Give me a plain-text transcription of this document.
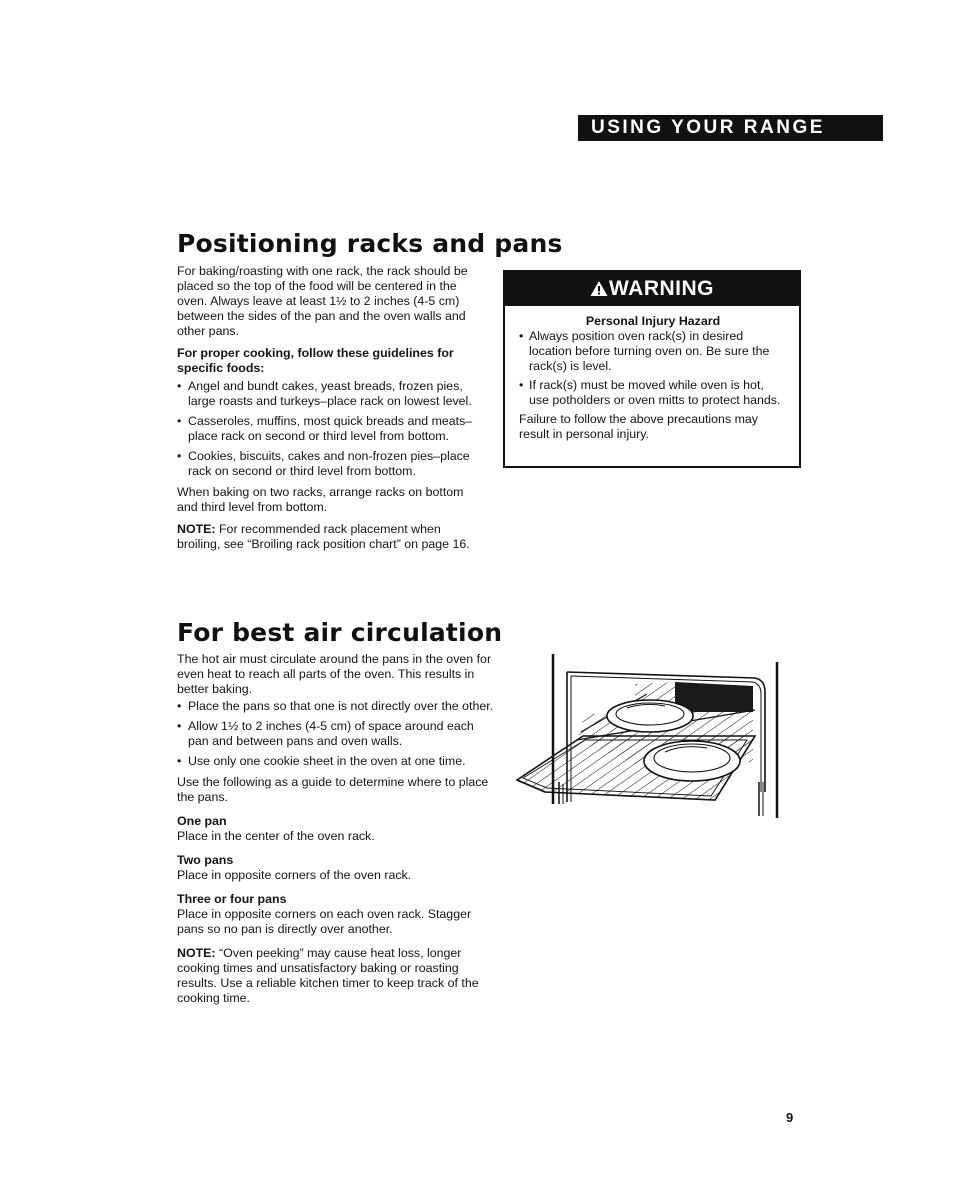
USING YOUR RANGE
Positioning racks and pans

For baking/roasting with one rack, the rack should be placed so the top of the food will be centered in the oven. Always leave at least 1½ to 2 inches (4-5 cm) between the sides of the pan and the oven walls and other pans.

For proper cooking, follow these guidelines for specific foods:

• Angel and bundt cakes, yeast breads, frozen pies, large roasts and turkeys–place rack on lowest level.
• Casseroles, muffins, most quick breads and meats–place rack on second or third level from bottom.
• Cookies, biscuits, cakes and non-frozen pies–place rack on second or third level from bottom.

When baking on two racks, arrange racks on bottom and third level from bottom.

NOTE: For recommended rack placement when broiling, see “Broiling rack position chart” on page 16.

WARNING

Personal Injury Hazard

• Always position oven rack(s) in desired location before turning oven on. Be sure the rack(s) is level.
• If rack(s) must be moved while oven is hot, use potholders or oven mitts to protect hands.

Failure to follow the above precautions may result in personal injury.

For best air circulation

The hot air must circulate around the pans in the oven for even heat to reach all parts of the oven. This results in better baking.

• Place the pans so that one is not directly over the other.
• Allow 1½ to 2 inches (4-5 cm) of space around each pan and between pans and oven walls.
• Use only one cookie sheet in the oven at one time.

Use the following as a guide to determine where to place the pans.

One pan

Place in the center of the oven rack.

Two pans

Place in opposite corners of the oven rack.

Three or four pans

Place in opposite corners on each oven rack. Stagger pans so no pan is directly over another.

NOTE: “Oven peeking” may cause heat loss, longer cooking times and unsatisfactory baking or roasting results. Use a reliable kitchen timer to keep track of the cooking time.

9
